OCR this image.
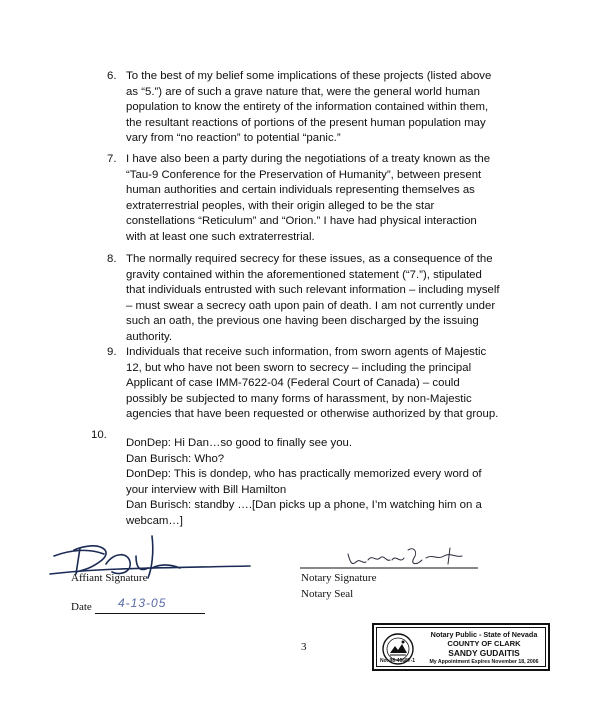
6. To the best of my belief some implications of these projects (listed above
as “5.”) are of such a grave nature that, were the general world human
population to know the entirety of the information contained within them,
the resultant reactions of portions of the present human population may
vary from “no reaction” to potential “panic.”
7. I have also been a party during the negotiations of a treaty known as the
“Tau-9 Conference for the Preservation of Humanity”, between present
human authorities and certain individuals representing themselves as
extraterrestrial peoples, with their origin alleged to be the star
constellations “Reticulum” and “Orion.” I have had physical interaction
with at least one such extraterrestrial.
8. The normally required secrecy for these issues, as a consequence of the
gravity contained within the aforementioned statement (“7.”), stipulated
that individuals entrusted with such relevant information – including myself
– must swear a secrecy oath upon pain of death. I am not currently under
such an oath, the previous one having been discharged by the issuing
authority.
9. Individuals that receive such information, from sworn agents of Majestic
12, but who have not been sworn to secrecy – including the principal
Applicant of case IMM-7622-04 (Federal Court of Canada) – could
possibly be subjected to many forms of harassment, by non-Majestic
agencies that have been requested or otherwise authorized by that group.
10.
DonDep: Hi Dan…so good to finally see you.
Dan Burisch: Who?
DonDep: This is dondep, who has practically memorized every word of
your interview with Bill Hamilton
Dan Burisch: standby ….[Dan picks up a phone, I’m watching him on a
webcam…]
Affiant Signature
Date 4-13-05
Notary Signature
Notary Seal
3
Notary Public - State of Nevada
COUNTY OF CLARK
SANDY GUDAITIS
My Appointment Expires November 18, 2006
No. 98-46687-1
